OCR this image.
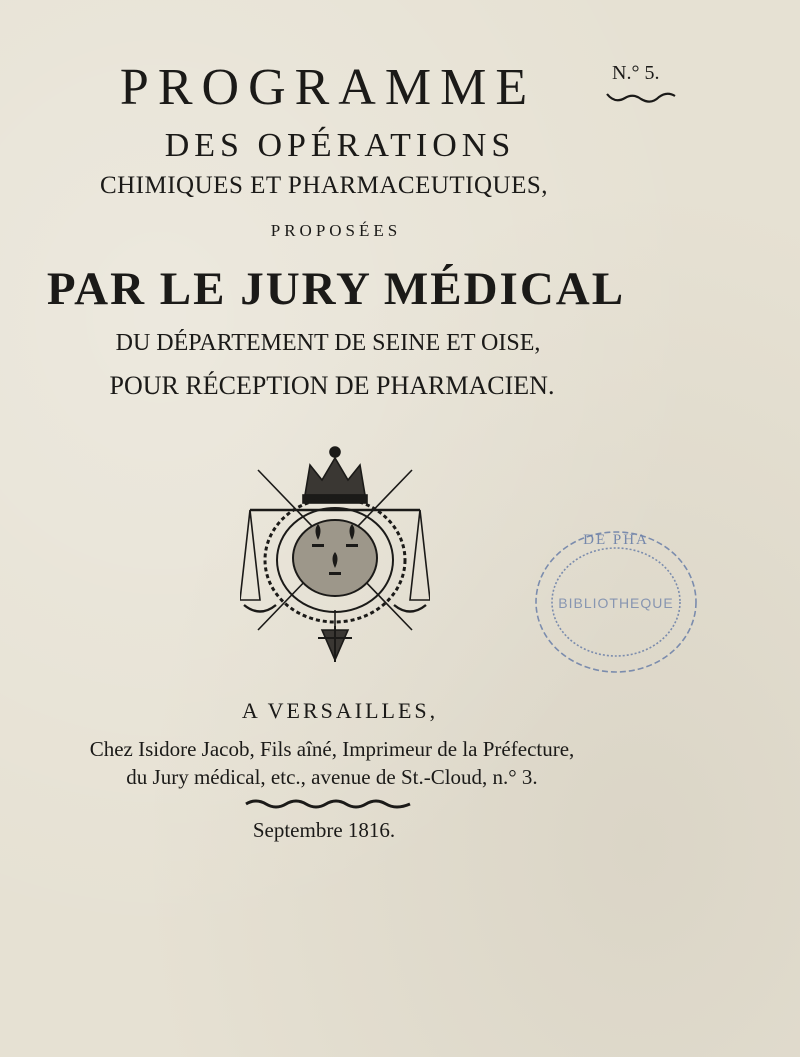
PROGRAMME	N.° 5.
DES OPÉRATIONS
CHIMIQUES ET PHARMACEUTIQUES,
PROPOSÉES
PAR LE JURY MÉDICAL
DU DÉPARTEMENT DE SEINE ET OISE,
POUR RÉCEPTION DE PHARMACIEN.
DE PHA
BIBLIOTHEQUE
A VERSAILLES,
Chez Isidore Jacob, Fils aîné, Imprimeur de la Préfecture,
du Jury médical, etc., avenue de St.-Cloud, n.° 3.
Septembre 1816.
